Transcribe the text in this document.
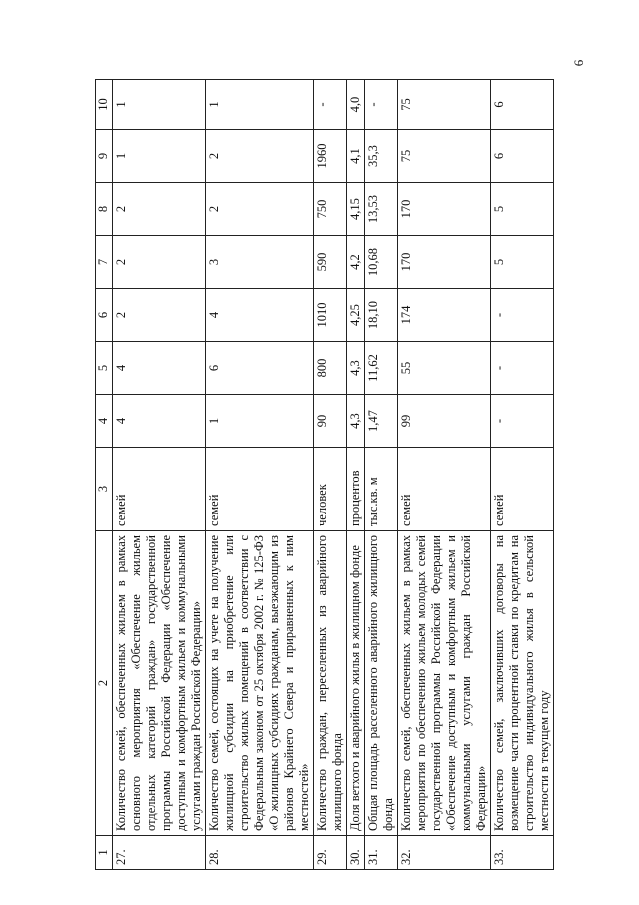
6
1	2	3	4	5	6	7	8	9	10
27.	Количество семей, обеспеченных жильем в рамках основного мероприятия «Обеспечение жильем отдельных категорий граждан» государственной программы Российской Федерации «Обеспечение доступным и комфортным жильем и коммунальными услугами граждан Российской Федерации»	семей	4	4	2	2	2	1	1
28.	Количество семей, состоящих на учете на получение жилищной субсидии на приобретение или строительство жилых помещений в соответствии с Федеральным законом от 25 октября 2002 г. № 125-ФЗ «О жилищных субсидиях гражданам, выезжающим из районов Крайнего Севера и приравненных к ним местностей»	семей	1	6	4	3	2	2	1
29.	Количество граждан, переселенных из аварийного жилищного фонда	человек	90	800	1010	590	750	1960	-
30.	Доля ветхого и аварийного жилья в жилищном фонде	процентов	4,3	4,3	4,25	4,2	4,15	4,1	4,0
31.	Общая площадь расселенного аварийного жилищного фонда	тыс.кв. м	1,47	11,62	18,10	10,68	13,53	35,3	-
32.	Количество семей, обеспеченных жильем в рамках мероприятия по обеспечению жильем молодых семей государственной программы Российской Федерации «Обеспечение доступным и комфортным жильем и коммунальными услугами граждан Российской Федерации»	семей	99	55	174	170	170	75	75
33.	Количество семей, заключивших договоры на возмещение части процентной ставки по кредитам на строительство индивидуального жилья в сельской местности в текущем году	семей	-	-	-	5	5	6	6
